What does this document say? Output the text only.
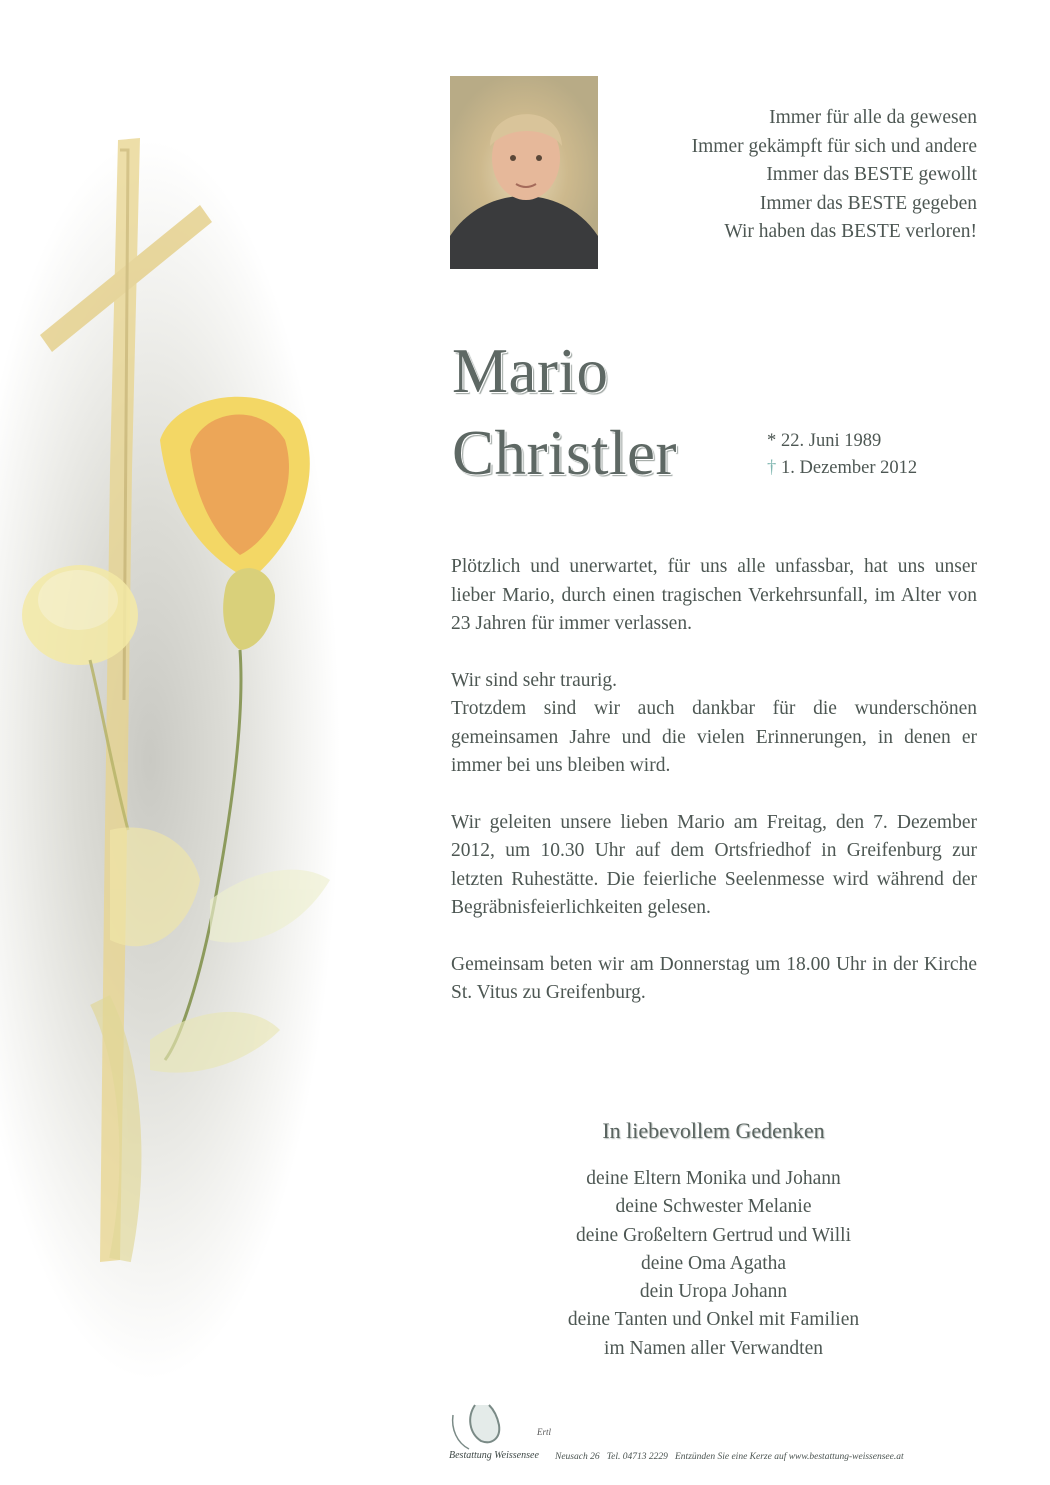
Immer für alle da gewesen
Immer gekämpft für sich und andere
Immer das BESTE gewollt
Immer das BESTE gegeben
Wir haben das BESTE verloren!
Mario
Christler	* 22. Juni 1989
† 1. Dezember 2012

Plötzlich und unerwartet, für uns alle unfassbar, hat uns unser lieber Mario, durch einen tragischen Verkehrsunfall, im Alter von 23 Jahren für immer verlassen.

Wir sind sehr traurig.

Trotzdem sind wir auch dankbar für die wunderschönen gemeinsamen Jahre und die vielen Erinnerungen, in denen er immer bei uns bleiben wird.

Wir geleiten unsere lieben Mario am Freitag, den 7. Dezember 2012, um 10.30 Uhr auf dem Ortsfriedhof in Greifenburg zur letzten Ruhestätte. Die feierliche Seelenmesse wird während der Begräbnisfeierlichkeiten gelesen.

Gemeinsam beten wir am Donnerstag um 18.00 Uhr in der Kirche St. Vitus zu Greifenburg.

In liebevollem Gedenken
deine Eltern Monika und Johann
deine Schwester Melanie
deine Großeltern Gertrud und Willi
deine Oma Agatha
dein Uropa Johann
deine Tanten und Onkel mit Familien
im Namen aller Verwandten
Ertl
Bestattung Weissensee Neusach 26 Tel. 04713 2229 Entzünden Sie eine Kerze auf www.bestattung-weissensee.at
